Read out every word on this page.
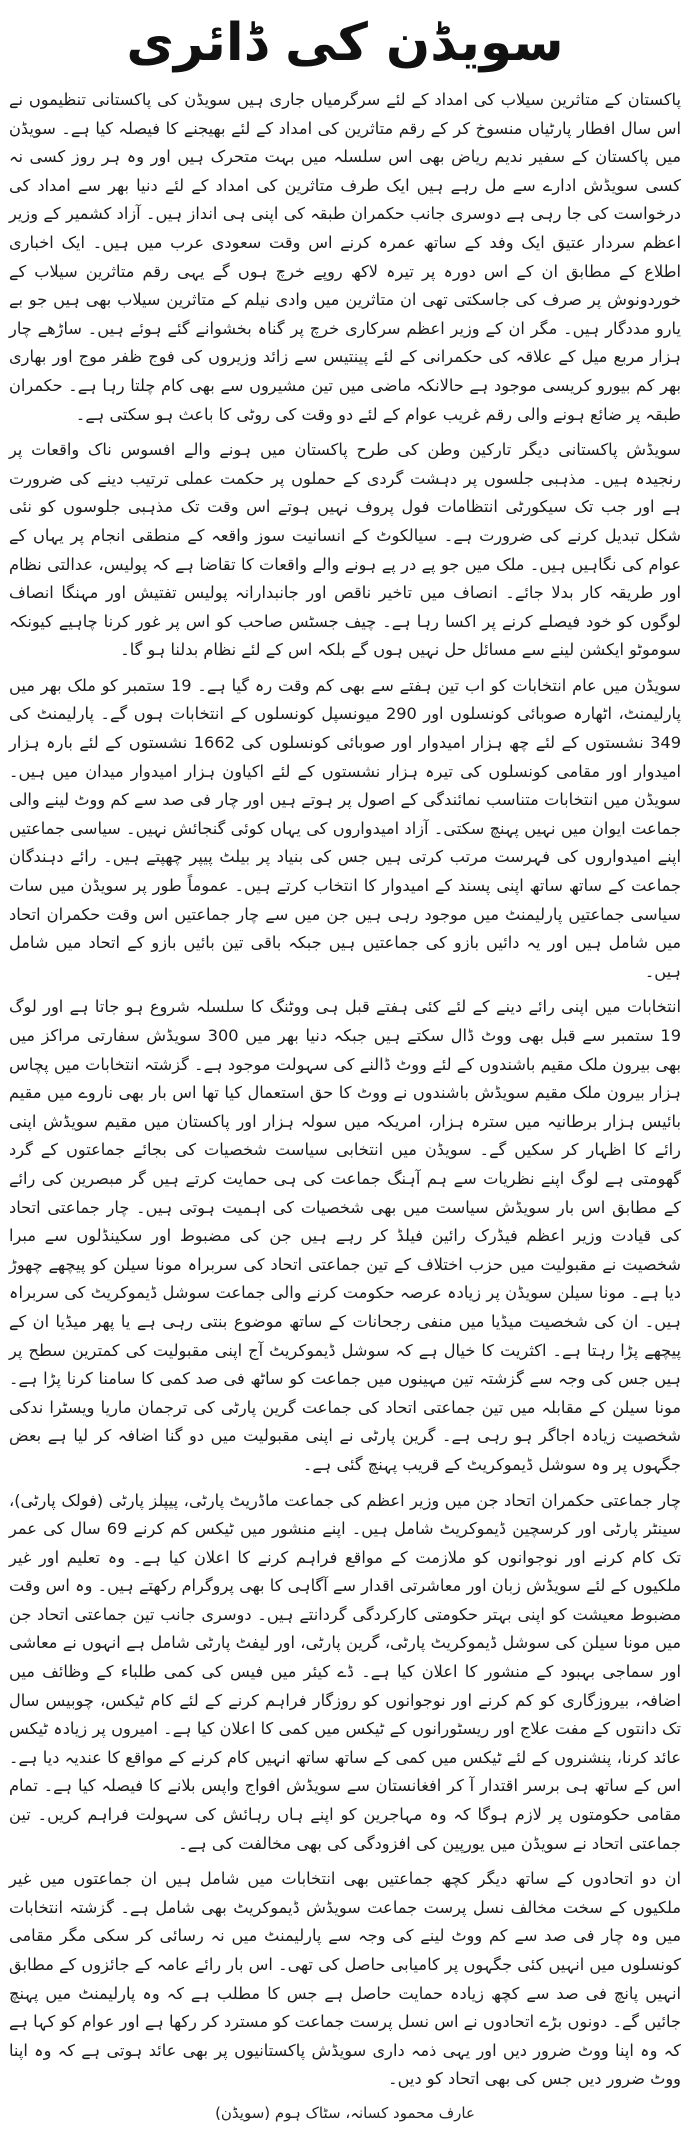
سویڈن کی ڈائری

پاکستان کے متاثرین سیلاب کی امداد کے لئے سرگرمیاں جاری ہیں سویڈن کی پاکستانی تنظیموں نے اس سال افطار پارٹیاں منسوخ کر کے رقم متاثرین کی امداد کے لئے بھیجنے کا فیصلہ کیا ہے۔ سویڈن میں پاکستان کے سفیر ندیم ریاض بھی اس سلسلہ میں بہت متحرک ہیں اور وہ ہر روز کسی نہ کسی سویڈش ادارے سے مل رہے ہیں ایک طرف متاثرین کی امداد کے لئے دنیا بھر سے امداد کی درخواست کی جا رہی ہے دوسری جانب حکمران طبقہ کی اپنی ہی انداز ہیں۔ آزاد کشمیر کے وزیر اعظم سردار عتیق ایک وفد کے ساتھ عمرہ کرنے اس وقت سعودی عرب میں ہیں۔ ایک اخباری اطلاع کے مطابق ان کے اس دورہ پر تیرہ لاکھ روپے خرچ ہوں گے یہی رقم متاثرین سیلاب کے خوردونوش پر صرف کی جاسکتی تھی ان متاثرین میں وادی نیلم کے متاثرین سیلاب بھی ہیں جو بے یارو مددگار ہیں۔ مگر ان کے وزیر اعظم سرکاری خرچ پر گناہ بخشوانے گئے ہوئے ہیں۔ ساڑھے چار ہزار مربع میل کے علاقہ کی حکمرانی کے لئے پینتیس سے زائد وزیروں کی فوج ظفر موج اور بھاری بھر کم بیورو کریسی موجود ہے حالانکہ ماضی میں تین مشیروں سے بھی کام چلتا رہا ہے۔ حکمران طبقہ پر ضائع ہونے والی رقم غریب عوام کے لئے دو وقت کی روٹی کا باعث ہو سکتی ہے۔

سویڈش پاکستانی دیگر تارکین وطن کی طرح پاکستان میں ہونے والے افسوس ناک واقعات پر رنجیدہ ہیں۔ مذہبی جلسوں پر دہشت گردی کے حملوں پر حکمت عملی ترتیب دینے کی ضرورت ہے اور جب تک سیکورٹی انتظامات فول پروف نہیں ہوتے اس وقت تک مذہبی جلوسوں کو نئی شکل تبدیل کرنے کی ضرورت ہے۔ سیالکوٹ کے انسانیت سوز واقعہ کے منطقی انجام پر یہاں کے عوام کی نگاہیں ہیں۔ ملک میں جو پے در پے ہونے والے واقعات کا تقاضا ہے کہ پولیس، عدالتی نظام اور طریقہ کار بدلا جائے۔ انصاف میں تاخیر ناقص اور جانبدارانہ پولیس تفتیش اور مہنگا انصاف لوگوں کو خود فیصلے کرنے پر اکسا رہا ہے۔ چیف جسٹس صاحب کو اس پر غور کرنا چاہیے کیونکہ سوموٹو ایکشن لینے سے مسائل حل نہیں ہوں گے بلکہ اس کے لئے نظام بدلنا ہو گا۔

سویڈن میں عام انتخابات کو اب تین ہفتے سے بھی کم وقت رہ گیا ہے۔ 19 ستمبر کو ملک بھر میں پارلیمنٹ، اٹھارہ صوبائی کونسلوں اور 290 میونسپل کونسلوں کے انتخابات ہوں گے۔ پارلیمنٹ کی 349 نشستوں کے لئے چھ ہزار امیدوار اور صوبائی کونسلوں کی 1662 نشستوں کے لئے بارہ ہزار امیدوار اور مقامی کونسلوں کی تیرہ ہزار نشستوں کے لئے اکیاون ہزار امیدوار میدان میں ہیں۔ سویڈن میں انتخابات متناسب نمائندگی کے اصول پر ہوتے ہیں اور چار فی صد سے کم ووٹ لینے والی جماعت ایوان میں نہیں پہنچ سکتی۔ آزاد امیدواروں کی یہاں کوئی گنجائش نہیں۔ سیاسی جماعتیں اپنے امیدواروں کی فہرست مرتب کرتی ہیں جس کی بنیاد پر بیلٹ پیپر چھپتے ہیں۔ رائے دہندگان جماعت کے ساتھ ساتھ اپنی پسند کے امیدوار کا انتخاب کرتے ہیں۔ عموماً طور پر سویڈن میں سات سیاسی جماعتیں پارلیمنٹ میں موجود رہی ہیں جن میں سے چار جماعتیں اس وقت حکمران اتحاد میں شامل ہیں اور یہ دائیں بازو کی جماعتیں ہیں جبکہ باقی تین بائیں بازو کے اتحاد میں شامل ہیں۔

انتخابات میں اپنی رائے دینے کے لئے کئی ہفتے قبل ہی ووٹنگ کا سلسلہ شروع ہو جاتا ہے اور لوگ 19 ستمبر سے قبل بھی ووٹ ڈال سکتے ہیں جبکہ دنیا بھر میں 300 سویڈش سفارتی مراکز میں بھی بیرون ملک مقیم باشندوں کے لئے ووٹ ڈالنے کی سہولت موجود ہے۔ گزشتہ انتخابات میں پچاس ہزار بیرون ملک مقیم سویڈش باشندوں نے ووٹ کا حق استعمال کیا تھا اس بار بھی ناروے میں مقیم بائیس ہزار برطانیہ میں سترہ ہزار، امریکہ میں سولہ ہزار اور پاکستان میں مقیم سویڈش اپنی رائے کا اظہار کر سکیں گے۔ سویڈن میں انتخابی سیاست شخصیات کی بجائے جماعتوں کے گرد گھومتی ہے لوگ اپنے نظریات سے ہم آہنگ جماعت کی ہی حمایت کرتے ہیں گر مبصرین کی رائے کے مطابق اس بار سویڈش سیاست میں بھی شخصیات کی اہمیت ہوتی ہیں۔ چار جماعتی اتحاد کی قیادت وزیر اعظم فیڈرک رائین فیلڈ کر رہے ہیں جن کی مضبوط اور سکینڈلوں سے مبرا شخصیت نے مقبولیت میں حزب اختلاف کے تین جماعتی اتحاد کی سربراہ مونا سیلن کو پیچھے چھوڑ دیا ہے۔ مونا سیلن سویڈن پر زیادہ عرصہ حکومت کرنے والی جماعت سوشل ڈیموکریٹ کی سربراہ ہیں۔ ان کی شخصیت میڈیا میں منفی رجحانات کے ساتھ موضوع بنتی رہی ہے یا پھر میڈیا ان کے پیچھے پڑا رہتا ہے۔ اکثریت کا خیال ہے کہ سوشل ڈیموکریٹ آج اپنی مقبولیت کی کمترین سطح پر ہیں جس کی وجہ سے گزشتہ تین مہینوں میں جماعت کو ساٹھ فی صد کمی کا سامنا کرنا پڑا ہے۔ مونا سیلن کے مقابلہ میں تین جماعتی اتحاد کی جماعت گرین پارٹی کی ترجمان ماریا ویسٹرا ندکی شخصیت زیادہ اجاگر ہو رہی ہے۔ گرین پارٹی نے اپنی مقبولیت میں دو گنا اضافہ کر لیا ہے بعض جگہوں پر وہ سوشل ڈیموکریٹ کے قریب پہنچ گئی ہے۔

چار جماعتی حکمران اتحاد جن میں وزیر اعظم کی جماعت ماڈریٹ پارٹی، پیپلز پارٹی (فولک پارٹی)، سینٹر پارٹی اور کرسچین ڈیموکریٹ شامل ہیں۔ اپنے منشور میں ٹیکس کم کرنے 69 سال کی عمر تک کام کرنے اور نوجوانوں کو ملازمت کے مواقع فراہم کرنے کا اعلان کیا ہے۔ وہ تعلیم اور غیر ملکیوں کے لئے سویڈش زبان اور معاشرتی اقدار سے آگاہی کا بھی پروگرام رکھتے ہیں۔ وہ اس وقت مضبوط معیشت کو اپنی بہتر حکومتی کارکردگی گردانتے ہیں۔ دوسری جانب تین جماعتی اتحاد جن میں مونا سیلن کی سوشل ڈیموکریٹ پارٹی، گرین پارٹی، اور لیفٹ پارٹی شامل ہے انہوں نے معاشی اور سماجی بہبود کے منشور کا اعلان کیا ہے۔ ڈے کیئر میں فیس کی کمی طلباء کے وظائف میں اضافہ، بیروزگاری کو کم کرنے اور نوجوانوں کو روزگار فراہم کرنے کے لئے کام ٹیکس، چوبیس سال تک دانتوں کے مفت علاج اور ریسٹورانوں کے ٹیکس میں کمی کا اعلان کیا ہے۔ امیروں پر زیادہ ٹیکس عائد کرنا، پنشنروں کے لئے ٹیکس میں کمی کے ساتھ ساتھ انہیں کام کرنے کے مواقع کا عندیہ دیا ہے۔ اس کے ساتھ ہی برسر اقتدار آ کر افغانستان سے سویڈش افواج واپس بلانے کا فیصلہ کیا ہے۔ تمام مقامی حکومتوں پر لازم ہوگا کہ وہ مہاجرین کو اپنے ہاں رہائش کی سہولت فراہم کریں۔ تین جماعتی اتحاد نے سویڈن میں یورپین کی افزودگی کی بھی مخالفت کی ہے۔

ان دو اتحادوں کے ساتھ دیگر کچھ جماعتیں بھی انتخابات میں شامل ہیں ان جماعتوں میں غیر ملکیوں کے سخت مخالف نسل پرست جماعت سویڈش ڈیموکریٹ بھی شامل ہے۔ گزشتہ انتخابات میں وہ چار فی صد سے کم ووٹ لینے کی وجہ سے پارلیمنٹ میں نہ رسائی کر سکی مگر مقامی کونسلوں میں انہیں کئی جگہوں پر کامیابی حاصل کی تھی۔ اس بار رائے عامہ کے جائزوں کے مطابق انہیں پانچ فی صد سے کچھ زیادہ حمایت حاصل ہے جس کا مطلب ہے کہ وہ پارلیمنٹ میں پہنچ جائیں گے۔ دونوں بڑے اتحادوں نے اس نسل پرست جماعت کو مسترد کر رکھا ہے اور عوام کو کہا ہے کہ وہ اپنا ووٹ ضرور دیں اور یہی ذمہ داری سویڈش پاکستانیوں پر بھی عائد ہوتی ہے کہ وہ اپنا ووٹ ضرور دیں جس کی بھی اتحاد کو دیں۔

عارف محمود کسانہ، سٹاک ہوم (سویڈن)
